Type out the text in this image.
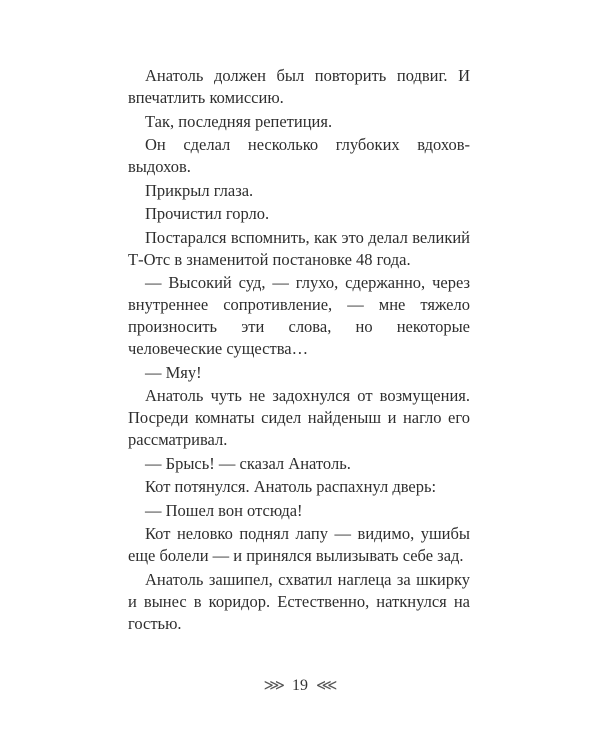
Анатоль должен был повторить подвиг. И впечатлить комиссию.

Так, последняя репетиция.

Он сделал несколько глубоких вдохов-выдохов.

Прикрыл глаза.

Прочистил горло.

Постарался вспомнить, как это делал великий Т-Отс в знаменитой постановке 48 года.

— Высокий суд, — глухо, сдержанно, через внутреннее сопротивление, — мне тяжело произносить эти слова, но некоторые человеческие существа…

— Мяу!

Анатоль чуть не задохнулся от возмущения. Посреди комнаты сидел найденыш и нагло его рассматривал.

— Брысь! — сказал Анатоль.

Кот потянулся. Анатоль распахнул дверь:

— Пошел вон отсюда!

Кот неловко поднял лапу — видимо, ушибы еще болели — и принялся вылизывать себе зад.

Анатоль зашипел, схватил наглеца за шкирку и вынес в коридор. Естественно, наткнулся на гостью.

⋙ 19 ⋘
